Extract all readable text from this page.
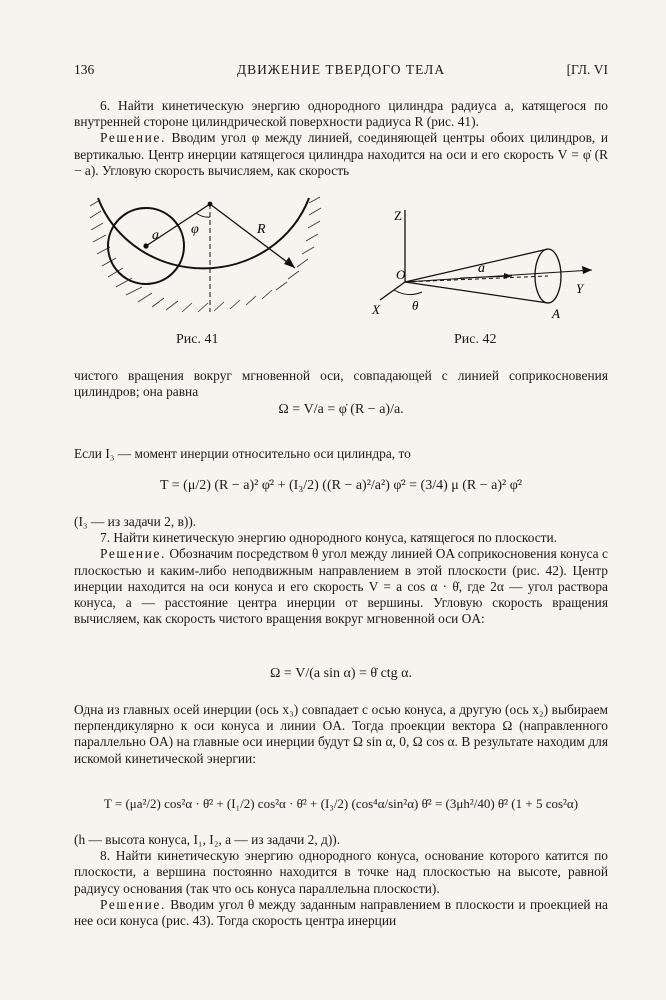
136	ДВИЖЕНИЕ ТВЕРДОГО ТЕЛА	[ГЛ. VI

6. Найти кинетическую энергию однородного цилиндра радиуса a, катящегося по внутренней стороне цилиндрической поверхности радиуса R (рис. 41).

Решение. Вводим угол φ между линией, соединяющей центры обоих цилиндров, и вертикалью. Центр инерции катящегося цилиндра находится на оси и его скорость V = φ̇ (R − a). Угловую скорость вычисляем, как скорость

a φ	R
Рис. 41
Z
O	a
X θ
Y
A
Рис. 42

чистого вращения вокруг мгновенной оси, совпадающей с линией соприкосновения цилиндров; она равна

Ω = V/a = φ̇ (R − a)/a.

Если I₃ — момент инерции относительно оси цилиндра, то

T = (μ/2) (R − a)² φ̇² + (I₃/2) ((R − a)²/a²) φ̇² = (3/4) μ (R − a)² φ̇²

(I₃ — из задачи 2, в)).

7. Найти кинетическую энергию однородного конуса, катящегося по плоскости.

Решение. Обозначим посредством θ угол между линией OA соприкосновения конуса с плоскостью и каким-либо неподвижным направлением в этой плоскости (рис. 42). Центр инерции находится на оси конуса и его скорость V = a cos α · θ̇, где 2α — угол раствора конуса, a — расстояние центра инерции от вершины. Угловую скорость вращения вычисляем, как скорость чистого вращения вокруг мгновенной оси OA:

Ω = V/(a sin α) = θ̇ ctg α.

Одна из главных осей инерции (ось x₃) совпадает с осью конуса, а другую (ось x₂) выбираем перпендикулярно к оси конуса и линии OA. Тогда проекции вектора Ω (направленного параллельно OA) на главные оси инерции будут Ω sin α, 0, Ω cos α. В результате находим для искомой кинетической энергии:

T = (μa²/2) cos²α · θ̇² + (I₁/2) cos²α · θ̇² + (I₃/2) (cos⁴α/sin²α) θ̇² = (3μh²/40) θ̇² (1 + 5 cos²α)

(h — высота конуса, I₁, I₂, a — из задачи 2, д)).

8. Найти кинетическую энергию однородного конуса, основание которого катится по плоскости, а вершина постоянно находится в точке над плоскостью на высоте, равной радиусу основания (так что ось конуса параллельна плоскости).

Решение. Вводим угол θ между заданным направлением в плоскости и проекцией на нее оси конуса (рис. 43). Тогда скорость центра инерции
